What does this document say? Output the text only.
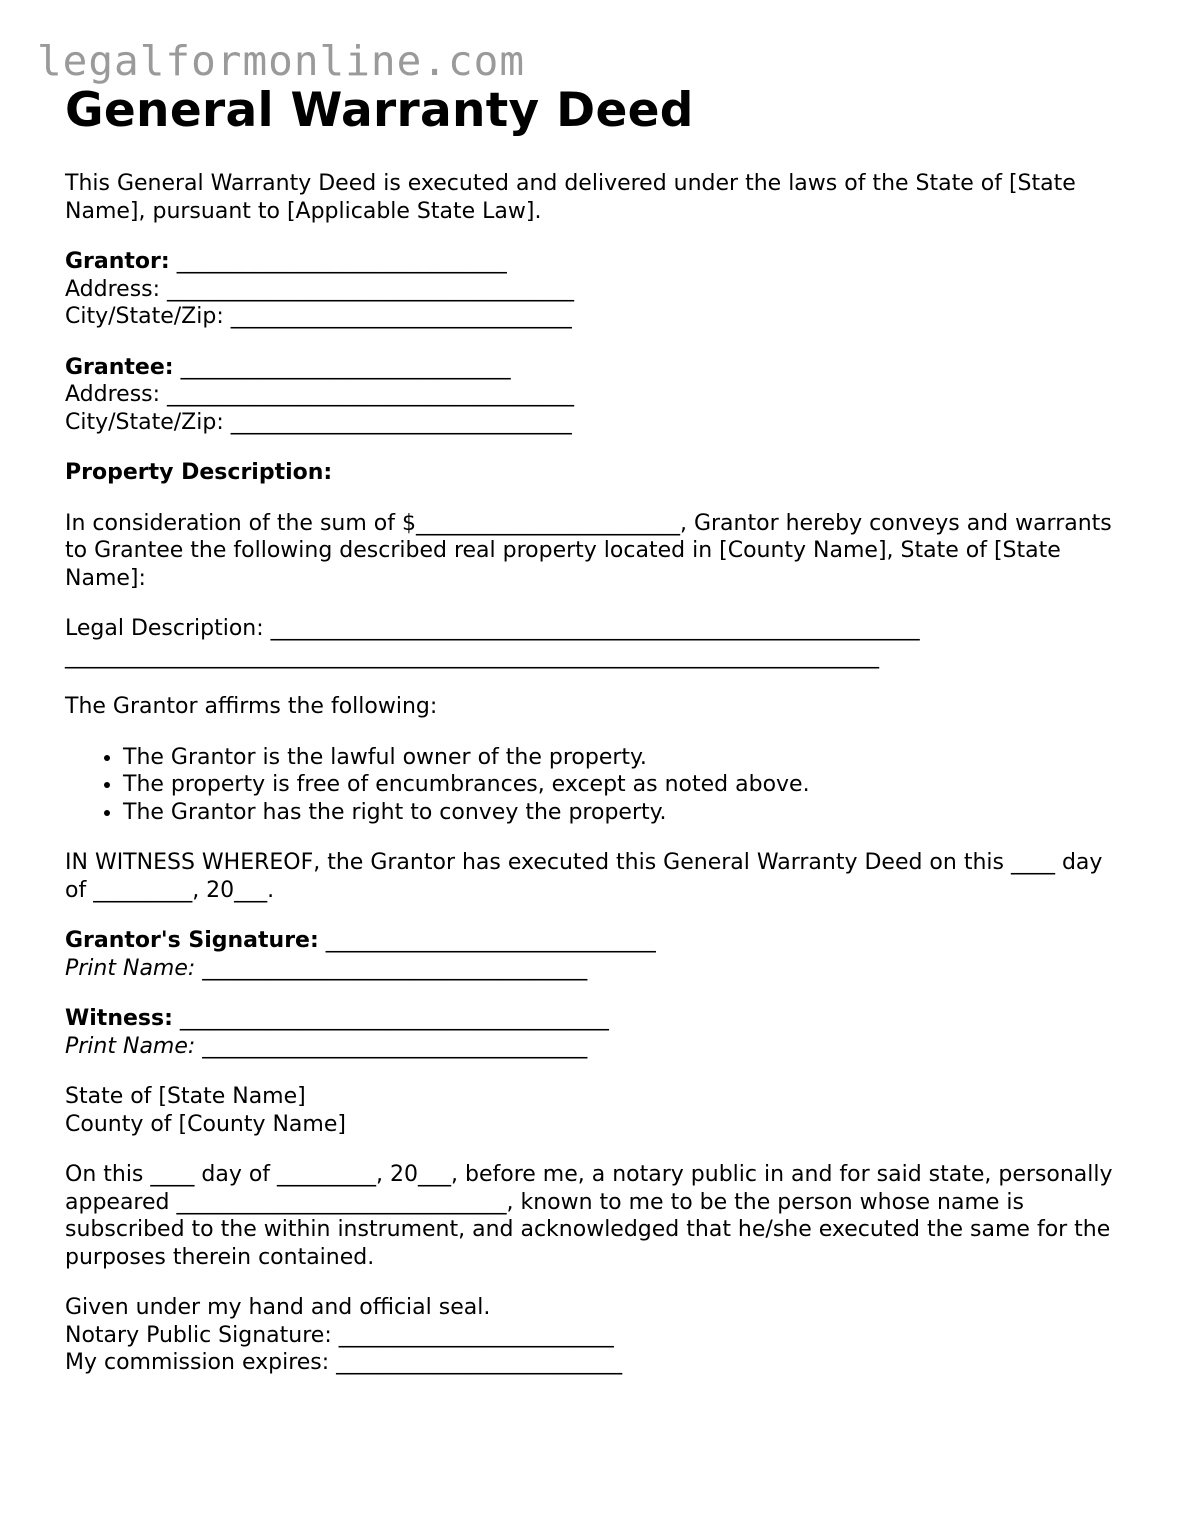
legalformonline.com
General Warranty Deed

This General Warranty Deed is executed and delivered under the laws of the State of [State Name], pursuant to [Applicable State Law].

Grantor: ______________________________
Address: _____________________________________
City/State/Zip: _______________________________

Grantee: ______________________________
Address: _____________________________________
City/State/Zip: _______________________________

Property Description:

In consideration of the sum of $________________________, Grantor hereby conveys and warrants to Grantee the following described real property located in [County Name], State of [State Name]:

Legal Description: ___________________________________________________________
__________________________________________________________________________

The Grantor affirms the following:

• The Grantor is the lawful owner of the property.
• The property is free of encumbrances, except as noted above.
• The Grantor has the right to convey the property.

IN WITNESS WHEREOF, the Grantor has executed this General Warranty Deed on this ____ day of _________, 20___.

Grantor's Signature: ______________________________
Print Name: ___________________________________

Witness: _______________________________________
Print Name: ___________________________________

State of [State Name]
County of [County Name]

On this ____ day of _________, 20___, before me, a notary public in and for said state, personally appeared ______________________________, known to me to be the person whose name is subscribed to the within instrument, and acknowledged that he/she executed the same for the purposes therein contained.

Given under my hand and official seal.
Notary Public Signature: _________________________
My commission expires: __________________________
